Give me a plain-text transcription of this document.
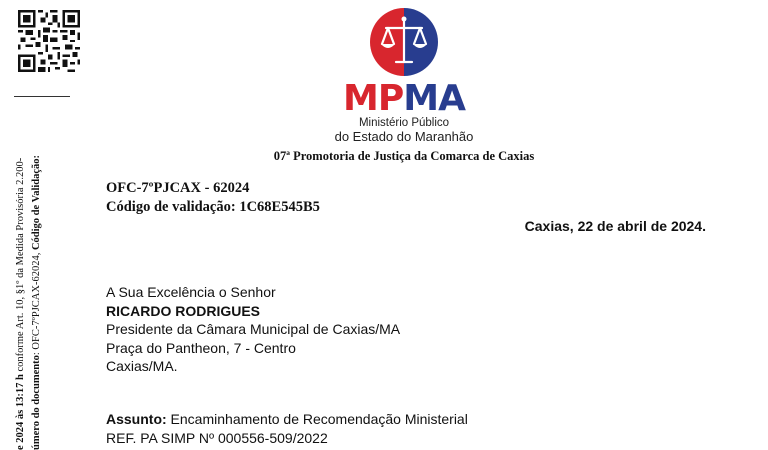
e 2024 às 13:17 h conforme Art. 10, §1º da Medida Provisória 2.200-
úmero do documento: OFC-7ºPJCAX-62024, Código de Validação:
MPMA
Ministério Público
do Estado do Maranhão
07ª Promotoria de Justiça da Comarca de Caxias
OFC-7ºPJCAX - 62024
Código de validação: 1C68E545B5
Caxias, 22 de abril de 2024.
A Sua Excelência o Senhor
RICARDO RODRIGUES
Presidente da Câmara Municipal de Caxias/MA
Praça do Pantheon, 7 - Centro
Caxias/MA.
Assunto: Encaminhamento de Recomendação Ministerial
REF. PA SIMP Nº 000556-509/2022
